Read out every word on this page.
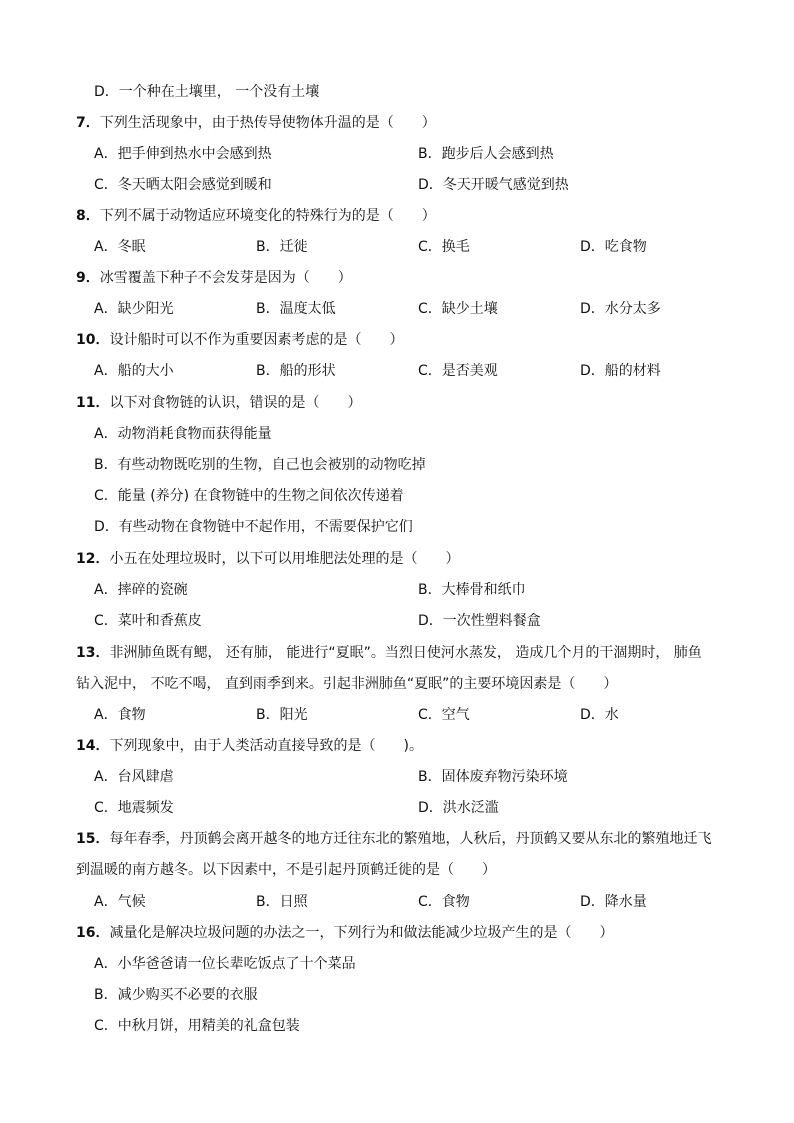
D．一个种在土壤里， 一个没有土壤
7．下列生活现象中，由于热传导使物体升温的是（　　）
A．把手伸到热水中会感到热	B．跑步后人会感到热
C．冬天晒太阳会感觉到暖和	D．冬天开暖气感觉到热
8．下列不属于动物适应环境变化的特殊行为的是（　　）
A．冬眠	B．迁徙	C．换毛	D．吃食物
9．冰雪覆盖下种子不会发芽是因为（　　）
A．缺少阳光	B．温度太低	C．缺少土壤	D．水分太多
10．设计船时可以不作为重要因素考虑的是（　　）
A．船的大小	B．船的形状	C．是否美观	D．船的材料
11．以下对食物链的认识，错误的是（　　）
A．动物消耗食物而获得能量
B．有些动物既吃别的生物，自己也会被别的动物吃掉
C．能量 (养分) 在食物链中的生物之间依次传递着
D．有些动物在食物链中不起作用，不需要保护它们
12．小五在处理垃圾时，以下可以用堆肥法处理的是（　　）
A．摔碎的瓷碗	B．大棒骨和纸巾
C．菜叶和香蕉皮	D．一次性塑料餐盒
13．非洲肺鱼既有鳃， 还有肺， 能进行“夏眠”。当烈日使河水蒸发， 造成几个月的干涸期时， 肺鱼
钻入泥中， 不吃不喝， 直到雨季到来。引起非洲肺鱼“夏眠”的主要环境因素是（　　）
A．食物	B．阳光	C．空气	D．水
14．下列现象中，由于人类活动直接导致的是（　　)。
A．台风肆虐	B．固体废弃物污染环境
C．地震频发	D．洪水泛滥
15．每年春季，丹顶鹤会离开越冬的地方迁往东北的繁殖地，人秋后，丹顶鹤又要从东北的繁殖地迁飞
到温暖的南方越冬。以下因素中，不是引起丹顶鹤迁徙的是（　　）
A．气候	B．日照	C．食物	D．降水量
16．减量化是解决垃圾问题的办法之一，下列行为和做法能减少垃圾产生的是（　　）
A．小华爸爸请一位长辈吃饭点了十个菜品
B．减少购买不必要的衣服
C．中秋月饼，用精美的礼盒包装
